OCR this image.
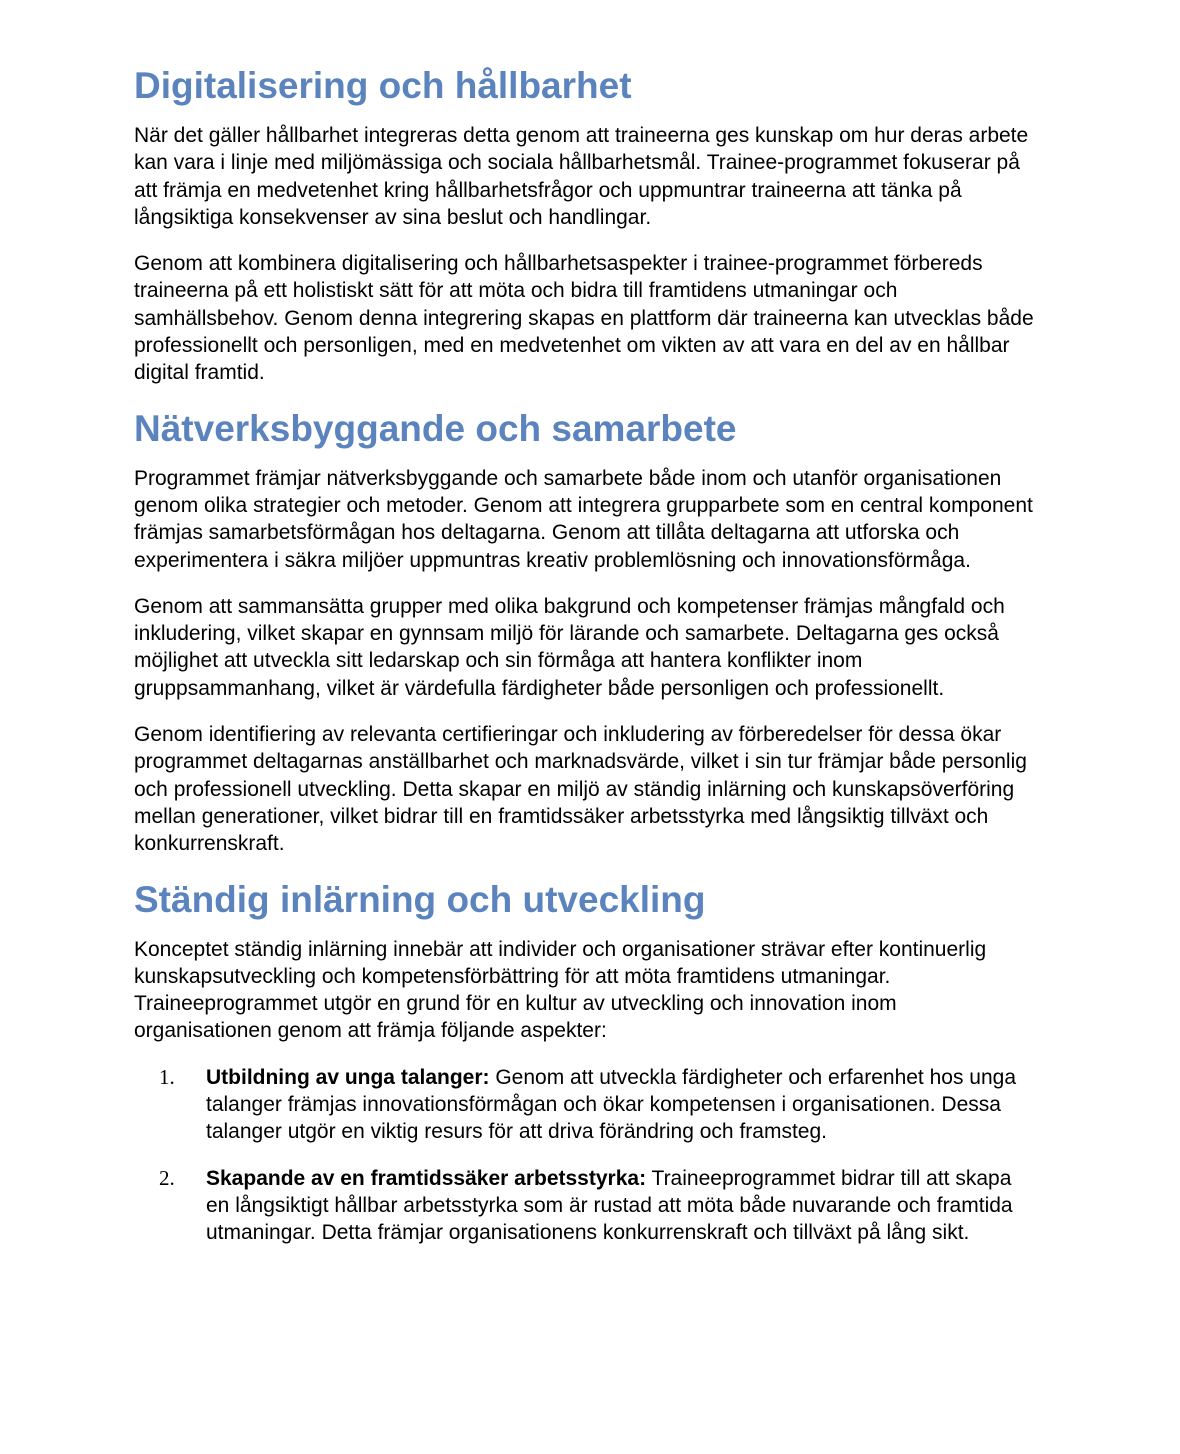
Digitalisering och hållbarhet

När det gäller hållbarhet integreras detta genom att traineerna ges kunskap om hur deras arbete kan vara i linje med miljömässiga och sociala hållbarhetsmål. Trainee-programmet fokuserar på att främja en medvetenhet kring hållbarhetsfrågor och uppmuntrar traineerna att tänka på långsiktiga konsekvenser av sina beslut och handlingar.

Genom att kombinera digitalisering och hållbarhetsaspekter i trainee-programmet förbereds traineerna på ett holistiskt sätt för att möta och bidra till framtidens utmaningar och samhällsbehov. Genom denna integrering skapas en plattform där traineerna kan utvecklas både professionellt och personligen, med en medvetenhet om vikten av att vara en del av en hållbar digital framtid.

Nätverksbyggande och samarbete

Programmet främjar nätverksbyggande och samarbete både inom och utanför organisationen genom olika strategier och metoder. Genom att integrera grupparbete som en central komponent främjas samarbetsförmågan hos deltagarna. Genom att tillåta deltagarna att utforska och experimentera i säkra miljöer uppmuntras kreativ problemlösning och innovationsförmåga.

Genom att sammansätta grupper med olika bakgrund och kompetenser främjas mångfald och inkludering, vilket skapar en gynnsam miljö för lärande och samarbete. Deltagarna ges också möjlighet att utveckla sitt ledarskap och sin förmåga att hantera konflikter inom gruppsammanhang, vilket är värdefulla färdigheter både personligen och professionellt.

Genom identifiering av relevanta certifieringar och inkludering av förberedelser för dessa ökar programmet deltagarnas anställbarhet och marknadsvärde, vilket i sin tur främjar både personlig och professionell utveckling. Detta skapar en miljö av ständig inlärning och kunskapsöverföring mellan generationer, vilket bidrar till en framtidssäker arbetsstyrka med långsiktig tillväxt och konkurrenskraft.

Ständig inlärning och utveckling

Konceptet ständig inlärning innebär att individer och organisationer strävar efter kontinuerlig kunskapsutveckling och kompetensförbättring för att möta framtidens utmaningar. Traineeprogrammet utgör en grund för en kultur av utveckling och innovation inom organisationen genom att främja följande aspekter:

1. Utbildning av unga talanger: Genom att utveckla färdigheter och erfarenhet hos unga talanger främjas innovationsförmågan och ökar kompetensen i organisationen. Dessa talanger utgör en viktig resurs för att driva förändring och framsteg.
2. Skapande av en framtidssäker arbetsstyrka: Traineeprogrammet bidrar till att skapa en långsiktigt hållbar arbetsstyrka som är rustad att möta både nuvarande och framtida utmaningar. Detta främjar organisationens konkurrenskraft och tillväxt på lång sikt.
